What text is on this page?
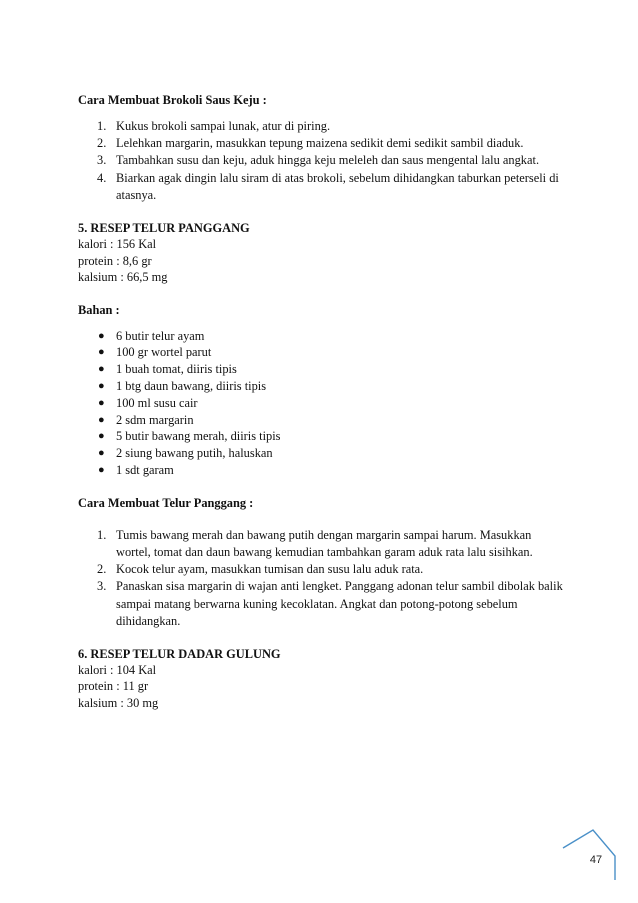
Cara Membuat Brokoli Saus Keju :

1. Kukus brokoli sampai lunak, atur di piring.
2. Lelehkan margarin, masukkan tepung maizena sedikit demi sedikit sambil diaduk.
3. Tambahkan susu dan keju, aduk hingga keju meleleh dan saus mengental lalu angkat.
4. Biarkan agak dingin lalu siram di atas brokoli, sebelum dihidangkan taburkan peterseli di atasnya.

5. RESEP TELUR PANGGANG

kalori : 156 Kal

protein : 8,6 gr

kalsium : 66,5 mg

Bahan :

● 6 butir telur ayam
● 100 gr wortel parut
● 1 buah tomat, diiris tipis
● 1 btg daun bawang, diiris tipis
● 100 ml susu cair
● 2 sdm margarin
● 5 butir bawang merah, diiris tipis
● 2 siung bawang putih, haluskan
● 1 sdt garam

Cara Membuat Telur Panggang :

1. Tumis bawang merah dan bawang putih dengan margarin sampai harum. Masukkan wortel, tomat dan daun bawang kemudian tambahkan garam aduk rata lalu sisihkan.
2. Kocok telur ayam, masukkan tumisan dan susu lalu aduk rata.
3. Panaskan sisa margarin di wajan anti lengket. Panggang adonan telur sambil dibolak balik sampai matang berwarna kuning kecoklatan. Angkat dan potong-potong sebelum dihidangkan.

6. RESEP TELUR DADAR GULUNG

kalori : 104 Kal

protein : 11 gr

kalsium : 30 mg

47
